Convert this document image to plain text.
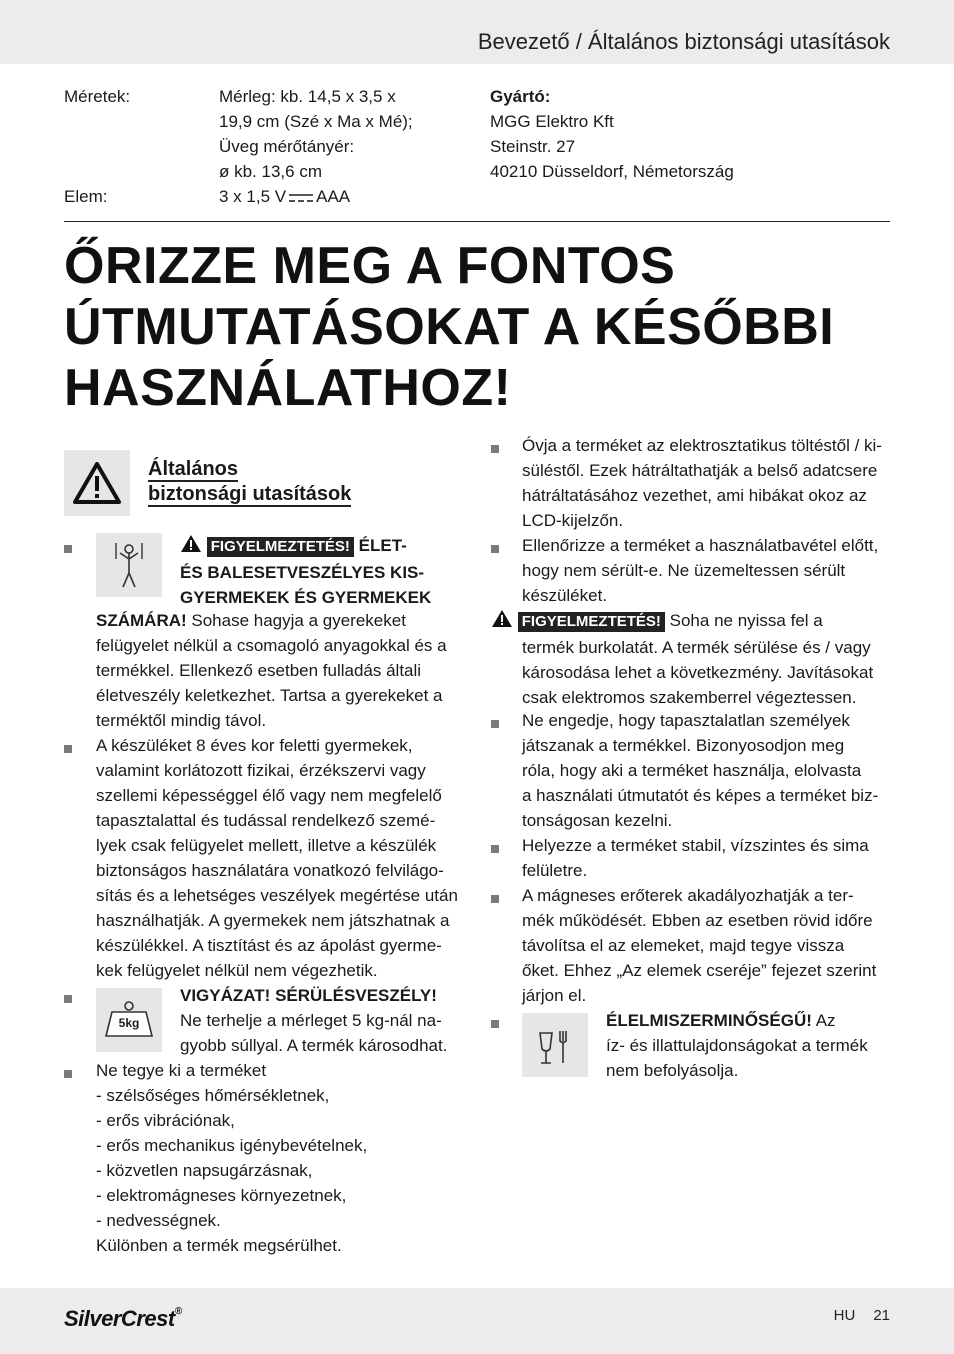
Bevezető / Általános biztonsági utasítások
Méretek:	Mérleg: kb. 14,5 x 3,5 x
19,9 cm (Szé x Ma x Mé);
Üveg mérőtányér:
ø kb. 13,6 cm
Elem:	3 x 1,5 V AAA
Gyártó:
MGG Elektro Kft
Steinstr. 27
40210 Düsseldorf, Németország
ŐRIZZE MEG A FONTOS
ÚTMUTATÁSOKAT A KÉSŐBBI
HASZNÁLATHOZ!
Általános
biztonsági utasítások
FIGYELMEZTETÉS! ÉLET-
ÉS BALESETVESZÉLYES KIS-
GYERMEKEK ÉS GYERMEKEK
SZÁMÁRA! Sohase hagyja a gyerekeket
felügyelet nélkül a csomagoló anyagokkal és a
termékkel. Ellenkező esetben fulladás általi
életveszély keletkezhet. Tartsa a gyerekeket a
terméktől mindig távol.
A készüléket 8 éves kor feletti gyermekek,
valamint korlátozott fizikai, érzékszervi vagy
szellemi képességgel élő vagy nem megfelelő
tapasztalattal és tudással rendelkező szemé-
lyek csak felügyelet mellett, illetve a készülék
biztonságos használatára vonatkozó felvilágo-
sítás és a lehetséges veszélyek megértése után
használhatják. A gyermekek nem játszhatnak a
készülékkel. A tisztítást és az ápolást gyerme-
kek felügyelet nélkül nem végezhetik.
5kg
VIGYÁZAT! SÉRÜLÉSVESZÉLY!
Ne terhelje a mérleget 5 kg-nál na-
gyobb súllyal. A termék károsodhat.
Ne tegye ki a terméket
- szélsőséges hőmérsékletnek,
- erős vibrációnak,
- erős mechanikus igénybevételnek,
- közvetlen napsugárzásnak,
- elektromágneses környezetnek,
- nedvességnek.
Különben a termék megsérülhet.
Óvja a terméket az elektrosztatikus töltéstől / ki-
süléstől. Ezek hátráltathatják a belső adatcsere
hátráltatásához vezethet, ami hibákat okoz az
LCD-kijelzőn.
Ellenőrizze a terméket a használatbavétel előtt,
hogy nem sérült-e. Ne üzemeltessen sérült
készüléket.
FIGYELMEZTETÉS! Soha ne nyissa fel a
termék burkolatát. A termék sérülése és / vagy
károsodása lehet a következmény. Javításokat
csak elektromos szakemberrel végeztessen.
Ne engedje, hogy tapasztalatlan személyek
játszanak a termékkel. Bizonyosodjon meg
róla, hogy aki a terméket használja, elolvasta
a használati útmutatót és képes a terméket biz-
tonságosan kezelni.
Helyezze a terméket stabil, vízszintes és sima
felületre.
A mágneses erőterek akadályozhatják a ter-
mék működését. Ebben az esetben rövid időre
távolítsa el az elemeket, majd tegye vissza
őket. Ehhez „Az elemek cseréje” fejezet szerint
járjon el.
ÉLELMISZERMINŐSÉGŰ! Az
íz- és illattulajdonságokat a termék
nem befolyásolja.
SilverCrest®	HU 21
